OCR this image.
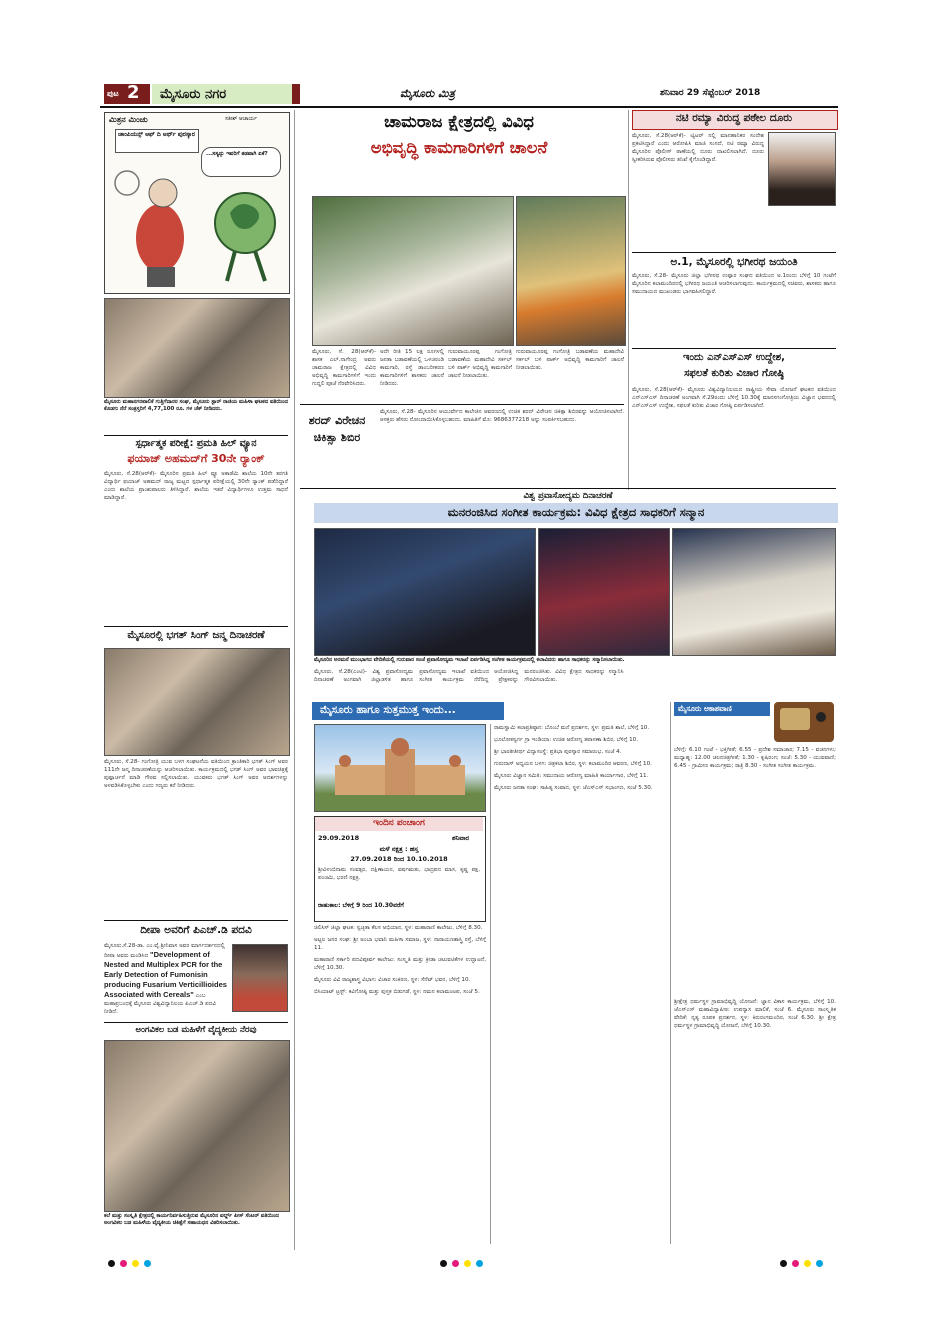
ಪುಟ 2 ಮೈಸೂರು ನಗರ	ಮೈಸೂರು ಮಿತ್ರ	ಶನಿವಾರ 29 ಸೆಪ್ಟೆಂಬರ್ 2018
ಮಿತ್ರನ ಮಿಂಚು	ಸತೀಶ್ ಆಚಾರ್ಯ
ಚಾಂಪಿಯನ್ಸ್ ಆಫ್ ದಿ ಅರ್ಥ್ ಪುರಸ್ಕಾರ
...ಸಸ್ಯನ್ನು ಇವರಿಗೆ ತಡವಾಗಿ ಏಕೆ?
ಮೈಸೂರು ಮಹಾನಗರಪಾಲಿಕೆ ಗುತ್ತಿಗೆದಾರರ ಸಂಘ, ಮೈಸೂರು ಸ್ಟಾರ್ ರಾಜಿಯ ಮಹಿಳಾ ಘಟಕದ ವತಿಯಿಂದ ಕೊಡಗು ನೆರೆ ಸಂತ್ರಸ್ತರಿಗೆ 4,77,100 ರೂ. ಗಳ ಚೆಕ್ ನೀಡಿದರು.
ಸ್ಪರ್ಧಾತ್ಮಕ ಪರೀಕ್ಷೆ: ಪ್ರಮತಿ ಹಿಲ್ ವ್ಯೂನ
ಫಯಾಜ್ ಅಹಮದ್‌ಗೆ 30ನೇ ರ್‍ಯಾಂಕ್
ಮೈಸೂರು, ಸೆ.28(ಆರ್‌ಕೆ)- ಮೈಸೂರಿನ ಪ್ರಮತಿ ಹಿಲ್ ವ್ಯೂ ಅಕಾಡೆಮಿ ಶಾಲೆಯ 10ನೇ ತರಗತಿ ವಿದ್ಯಾರ್ಥಿ ಫಯಾಜ್ ಅಹಮದ್ ರಾಜ್ಯ ಮಟ್ಟದ ಸ್ಪರ್ಧಾತ್ಮಕ ಪರೀಕ್ಷೆಯಲ್ಲಿ 30ನೇ ರ್‍ಯಾಂಕ್ ಪಡೆದಿದ್ದಾರೆ ಎಂದು ಶಾಲೆಯ ಪ್ರಾಂಶುಪಾಲರು ತಿಳಿಸಿದ್ದಾರೆ. ಶಾಲೆಯ ಇತರೆ ವಿದ್ಯಾರ್ಥಿಗಳೂ ಉತ್ತಮ ಸಾಧನೆ ಮಾಡಿದ್ದಾರೆ.
ಮೈಸೂರಲ್ಲಿ ಭಗತ್ ಸಿಂಗ್ ಜನ್ಮ ದಿನಾಚರಣೆ
ಮೈಸೂರು, ಸೆ.28- ಗಂಗೋತ್ರಿ ಯುವ ಬಳಗ ಸಂಘಟನೆಯ ವತಿಯಿಂದ ಕ್ರಾಂತಿಕಾರಿ ಭಗತ್ ಸಿಂಗ್ ಅವರ 111ನೇ ಜನ್ಮ ದಿನಾಚರಣೆಯನ್ನು ಆಚರಿಸಲಾಯಿತು. ಕಾರ್ಯಕ್ರಮದಲ್ಲಿ ಭಗತ್ ಸಿಂಗ್ ಅವರ ಭಾವಚಿತ್ರಕ್ಕೆ ಪುಷ್ಪಾರ್ಚನೆ ಮಾಡಿ ಗೌರವ ಸಲ್ಲಿಸಲಾಯಿತು. ಯುವಕರು ಭಗತ್ ಸಿಂಗ್ ಅವರ ಆದರ್ಶಗಳನ್ನು ಅಳವಡಿಸಿಕೊಳ್ಳಬೇಕು ಎಂದು ಗಣ್ಯರು ಕರೆ ನೀಡಿದರು.
ದೀಪಾ ಅವರಿಗೆ ಪಿಎಚ್.ಡಿ ಪದವಿ
ಮೈಸೂರು,ಸೆ.28-ಡಾ. ಎಂ.ವೈ.ಶ್ರೀನಿವಾಸ ಅವರ ಮಾರ್ಗದರ್ಶನದಲ್ಲಿ ದೀಪಾ ಅವರು ಮಂಡಿಸಿದ "Development of Nested and Multiplex PCR for the Early Detection of Fumonisin producing Fusarium Verticillioides Associated with Cereals" ಎಂಬ ಮಹಾಪ್ರಬಂಧಕ್ಕೆ ಮೈಸೂರು ವಿಶ್ವವಿದ್ಯಾನಿಲಯ ಪಿಎಚ್.ಡಿ ಪದವಿ ನೀಡಿದೆ.
ಅಂಗವಿಕಲ ಬಡ ಮಹಿಳೆಗೆ ವೈದ್ಯಕೀಯ ನೆರವು
ಕಲೆ ಮತ್ತು ಸಂಸ್ಕೃತಿ ಕ್ಷೇತ್ರದಲ್ಲಿ ಕಾರ್ಯನಿರ್ವಹಿಸುತ್ತಿರುವ ಮೈಸೂರಿನ ವರ್ಲ್ಡ್ ಪೀಸ್ ಸೆಂಟರ್ ವತಿಯಿಂದ ಅಂಗವಿಕಲ ಬಡ ಮಹಿಳೆಯ ವೈದ್ಯಕೀಯ ಚಿಕಿತ್ಸೆಗೆ ಸಹಾಯಧನ ವಿತರಿಸಲಾಯಿತು.
ಚಾಮರಾಜ ಕ್ಷೇತ್ರದಲ್ಲಿ ವಿವಿಧ
ಅಭಿವೃದ್ಧಿ ಕಾಮಗಾರಿಗಳಿಗೆ ಚಾಲನೆ
ಮೈಸೂರು, ಸೆ. 28(ಆರ್‌ಕೆ)- ಶಾಸಕ ಎಲ್.ನಾಗೇಂದ್ರ ಅವರು ಚಾಮರಾಜ ಕ್ಷೇತ್ರದಲ್ಲಿ ವಿವಿಧ ಅಭಿವೃದ್ಧಿ ಕಾಮಗಾರಿಗಳಿಗೆ ಇಂದು ಗುದ್ದಲಿ ಪೂಜೆ ನೆರವೇರಿಸಿದರು.
ಅದೇ ರೀತಿ 15 ಲಕ್ಷ ರೂಗಳಲ್ಲಿ ಜನತಾ ಬಡಾವಣೆಯಲ್ಲಿ ಒಳಚರಂಡಿ ಕಾಮಗಾರಿ, ರಸ್ತೆ ಡಾಂಬರೀಕರಣ ಕಾಮಗಾರಿಗಳಿಗೆ ಶಾಸಕರು ಚಾಲನೆ ನೀಡಿದರು.
ಗುರುವಾಯೂರಪ್ಪ ಗಂಗೋತ್ರಿ ಬಡಾವಣೆಯ ಮಹಾದೇವಿ ಸರ್ಕಲ್ ಬಳಿ ಪಾರ್ಕ್ ಅಭಿವೃದ್ಧಿ ಕಾಮಗಾರಿಗೆ ಚಾಲನೆ ನೀಡಲಾಯಿತು.
ಗುರುವಾಯೂರಪ್ಪ ಗಂಗೋತ್ರಿ ಬಡಾವಣೆಯ ಮಹಾದೇವಿ ಸರ್ಕಲ್ ಬಳಿ ಪಾರ್ಕ್ ಅಭಿವೃದ್ಧಿ ಕಾಮಗಾರಿಗೆ ಚಾಲನೆ ನೀಡಲಾಯಿತು.
ಶರದ್ ವಿರೇಚನ ಚಿಕಿತ್ಸಾ ಶಿಬಿರ
ಮೈಸೂರು, ಸೆ.28- ಮೈಸೂರಿನ ಆಯುರ್ವೇದ ಕಾಲೇಜಿನ ಆವರಣದಲ್ಲಿ ಉಚಿತ ಶರದ್ ವಿರೇಚನ ಚಿಕಿತ್ಸಾ ಶಿಬಿರವನ್ನು ಆಯೋಜಿಸಲಾಗಿದೆ. ಆಸಕ್ತರು ಹೆಸರು ನೋಂದಾಯಿಸಿಕೊಳ್ಳಬಹುದು. ಮಾಹಿತಿಗೆ ಮೊ: 9686377218 ಅನ್ನು ಸಂಪರ್ಕಿಸಬಹುದು.
ನಟಿ ರಮ್ಯಾ ವಿರುದ್ಧ ಪಠೇಲ ದೂರು
ಮೈಸೂರು, ಸೆ.28(ಆರ್‌ಕೆ)- ಟ್ವಿಟರ್ ನಲ್ಲಿ ಮಾನಹಾನಿಕರ ಸಂದೇಶ ಪ್ರಕಟಿಸಿದ್ದಾರೆ ಎಂದು ಆರೋಪಿಸಿ ಮಾಜಿ ಸಂಸದೆ, ನಟಿ ರಮ್ಯಾ ವಿರುದ್ಧ ಮೈಸೂರಿನ ಪೊಲೀಸ್ ಠಾಣೆಯಲ್ಲಿ ದೂರು ದಾಖಲಿಸಲಾಗಿದೆ. ದೂರು ಸ್ವೀಕರಿಸಿರುವ ಪೊಲೀಸರು ತನಿಖೆ ಕೈಗೊಂಡಿದ್ದಾರೆ.
ಅ.1, ಮೈಸೂರಲ್ಲಿ ಭಗೀರಥ ಜಯಂತಿ
ಮೈಸೂರು, ಸೆ.28- ಮೈಸೂರು ಜಿಲ್ಲಾ ಭಗೀರಥ ಉಪ್ಪಾರ ಸಂಘದ ವತಿಯಿಂದ ಅ.1ರಂದು ಬೆಳಿಗ್ಗೆ 10 ಗಂಟೆಗೆ ಮೈಸೂರಿನ ಕಲಾಮಂದಿರದಲ್ಲಿ ಭಗೀರಥ ಜಯಂತಿ ಆಚರಿಸಲಾಗುವುದು. ಕಾರ್ಯಕ್ರಮದಲ್ಲಿ ಸಚಿವರು, ಶಾಸಕರು ಹಾಗೂ ಸಮುದಾಯದ ಮುಖಂಡರು ಭಾಗವಹಿಸಲಿದ್ದಾರೆ.
ಇಂದು ಎನ್‌ಎಸ್‌ಎಸ್ ಉದ್ದೇಶ,
ಸಫಲತೆ ಕುರಿತು ವಿಚಾರ ಗೋಷ್ಠಿ
ಮೈಸೂರು, ಸೆ.28(ಆರ್‌ಕೆ)- ಮೈಸೂರು ವಿಶ್ವವಿದ್ಯಾನಿಲಯದ ರಾಷ್ಟ್ರೀಯ ಸೇವಾ ಯೋಜನೆ ಘಟಕದ ವತಿಯಿಂದ ಎನ್‌ಎಸ್‌ಎಸ್ ದಿನಾಚರಣೆ ಅಂಗವಾಗಿ ಸೆ.29ರಂದು ಬೆಳಿಗ್ಗೆ 10.30ಕ್ಕೆ ಮಾನಸಗಂಗೋತ್ರಿಯ ವಿಜ್ಞಾನ ಭವನದಲ್ಲಿ ಎನ್‌ಎಸ್‌ಎಸ್ ಉದ್ದೇಶ, ಸಫಲತೆ ಕುರಿತು ವಿಚಾರ ಗೋಷ್ಠಿ ಏರ್ಪಡಿಸಲಾಗಿದೆ.
ವಿಶ್ವ ಪ್ರವಾಸೋದ್ಯಮ ದಿನಾಚರಣೆ
ಮನರಂಜಿಸಿದ ಸಂಗೀತ ಕಾರ್ಯಕ್ರಮ: ವಿವಿಧ ಕ್ಷೇತ್ರದ ಸಾಧಕರಿಗೆ ಸನ್ಮಾನ
ಮೈಸೂರಿನ ಅರಮನೆ ಮುಂಭಾಗದ ವೇದಿಕೆಯಲ್ಲಿ ಗುರುವಾರ ಸಂಜೆ ಪ್ರವಾಸೋದ್ಯಮ ಇಲಾಖೆ ಏರ್ಪಡಿಸಿದ್ದ ಸಂಗೀತ ಕಾರ್ಯಕ್ರಮದಲ್ಲಿ ಕಲಾವಿದರು ಹಾಗೂ ಸಾಧಕರನ್ನು ಸನ್ಮಾನಿಸಲಾಯಿತು.
ಮೈಸೂರು, ಸೆ.28(ಎಂಟಿ)- ವಿಶ್ವ ಪ್ರವಾಸೋದ್ಯಮ ದಿನಾಚರಣೆ ಅಂಗವಾಗಿ ಜಿಲ್ಲಾಡಳಿತ ಹಾಗೂ ಪ್ರವಾಸೋದ್ಯಮ ಇಲಾಖೆ ವತಿಯಿಂದ ಆಯೋಜಿಸಿದ್ದ ಸಂಗೀತ ಕಾರ್ಯಕ್ರಮ ನೆರೆದಿದ್ದ ಪ್ರೇಕ್ಷಕರನ್ನು ಮನರಂಜಿಸಿತು. ವಿವಿಧ ಕ್ಷೇತ್ರದ ಸಾಧಕರನ್ನು ಸನ್ಮಾನಿಸಿ ಗೌರವಿಸಲಾಯಿತು.
ಮೈಸೂರು ಹಾಗೂ ಸುತ್ತಮುತ್ತ ಇಂದು...
ಇಂದಿನ ಪಂಚಾಂಗ
29.09.2018	ಶನಿವಾರ
ಮಳೆ ನಕ್ಷತ್ರ : ಹಸ್ತ
27.09.2018 ರಿಂದ 10.10.2018
ಶ್ರೀವಿಳಂಬಿನಾಮ ಸಂವತ್ಸರ, ದಕ್ಷಿಣಾಯನ, ವರ್ಷಋತು, ಭಾದ್ರಪದ ಮಾಸ, ಕೃಷ್ಣ ಪಕ್ಷ, ಪಂಚಮಿ, ಭರಣಿ ನಕ್ಷತ್ರ.
ರಾಹುಕಾಲ: ಬೆಳಿಗ್ಗೆ 9 ರಿಂದ 10.30ವರೆಗೆ

ಚಿಲಿಸಿಸ್ ಜಿಲ್ಲಾ ಘಟಕ: ಸ್ವಚ್ಛತಾ ಕೆಲಸ ಅಭಿಯಾನ, ಸ್ಥಳ: ಮಹಾರಾಣಿ ಕಾಲೇಜು, ಬೆಳಿಗ್ಗೆ 8.30.

ಅಟ್ಟಲ ಜನರ ಸಂಘ: ಶ್ರೀ ಅಂಬಾ ಭವಾನಿ ಮಹಿಳಾ ಸಮಾಜ, ಸ್ಥಳ: ನಾರಾಯಣಶಾಸ್ತ್ರಿ ರಸ್ತೆ, ಬೆಳಿಗ್ಗೆ 11.

ಮಹಾರಾಣಿ ಸರ್ಕಾರಿ ಪದವಿಪೂರ್ವ ಕಾಲೇಜು: ಸಂಸ್ಕೃತಿ ಮತ್ತು ಕ್ರೀಡಾ ಚಟುವಟಿಕೆಗಳ ಉದ್ಘಾಟನೆ, ಬೆಳಿಗ್ಗೆ 10.30.

ಮೈಸೂರು ವಿವಿ ರಾಜ್ಯಶಾಸ್ತ್ರ ವಿಭಾಗ: ವಿಚಾರ ಸಂಕಿರಣ, ಸ್ಥಳ: ಸೆನೆಟ್ ಭವನ, ಬೆಳಿಗ್ಗೆ 10.

ಬಿಸಿಯಾಟ್ ಟ್ರಸ್ಟ್: ಕವಿಗೋಷ್ಠಿ ಮತ್ತು ಪುಸ್ತಕ ಬಿಡುಗಡೆ, ಸ್ಥಳ: ನಮನ ಕಲಾಮಂಟಪ, ಸಂಜೆ 5.

ರಾಮಸ್ವಾಮಿ ಕಲಾಪ್ರತಿಷ್ಠಾನ: ಬೊಂಬೆ ಮನೆ ಪ್ರದರ್ಶನ, ಸ್ಥಳ: ಪ್ರಮತಿ ಶಾಲೆ, ಬೆಳಿಗ್ಗೆ 10.

ಭೂಲೋಕಸ್ವರ್ಗ ಗ್ರಾ ಇಂಡಿಯಾ: ಉಚಿತ ಆರೋಗ್ಯ ತಪಾಸಣಾ ಶಿಬಿರ, ಬೆಳಿಗ್ಗೆ 10.

ಶ್ರೀ ಭಾರತೀತೀರ್ಥ ವಿದ್ಯಾಸಂಸ್ಥೆ: ಪ್ರತಿಭಾ ಪುರಸ್ಕಾರ ಸಮಾರಂಭ, ಸಂಜೆ 4.

ಗುರುದಾಸ್ ಅಧ್ಯಯನ ಬಳಗ: ಚಿತ್ರಕಲಾ ಶಿಬಿರ, ಸ್ಥಳ: ಕಲಾಮಂದಿರ ಆವರಣ, ಬೆಳಿಗ್ಗೆ 10.

ಮೈಸೂರು ವಿಜ್ಞಾನ ಸಮಿತಿ: ಸಮುದಾಯ ಆರೋಗ್ಯ ಮಾಹಿತಿ ಕಾರ್ಯಾಗಾರ, ಬೆಳಿಗ್ಗೆ 11.

ಮೈಸೂರು ಜನತಾ ಸಂಘ: ಸಾಹಿತ್ಯ ಸಂವಾದ, ಸ್ಥಳ: ಜೆಎಸ್‌ಎಸ್ ಸಭಾಂಗಣ, ಸಂಜೆ 5.30.

ಮೈಸೂರು ಆಕಾಶವಾಣಿ
ಬೆಳಿಗ್ಗೆ: 6.10 ಗಂಟೆ - ಭಕ್ತಿಗೀತೆ; 6.55 - ಪ್ರದೇಶ ಸಮಾಚಾರ; 7.15 - ವಚನಗಳು; ಮಧ್ಯಾಹ್ನ: 12.00 ಚಲನಚಿತ್ರಗೀತೆ; 1.30 - ಕೃಷಿರಂಗ; ಸಂಜೆ: 5.30 - ಯುವವಾಣಿ; 6.45 - ಗ್ರಾಮೀಣ ಕಾರ್ಯಕ್ರಮ; ರಾತ್ರಿ 8.30 - ಸಂಗೀತ ಸಂಗೀತ ಕಾರ್ಯಕ್ರಮ.
ಶ್ರೀಕ್ಷೇತ್ರ ಧರ್ಮಸ್ಥಳ ಗ್ರಾಮಾಭಿವೃದ್ಧಿ ಯೋಜನೆ: ಜ್ಞಾನ ವಿಕಾಸ ಕಾರ್ಯಕ್ರಮ, ಬೆಳಿಗ್ಗೆ 10. ಜೆಎಸ್‌ಎಸ್ ಮಹಾವಿದ್ಯಾಪೀಠ: ಉಪನ್ಯಾಸ ಮಾಲಿಕೆ, ಸಂಜೆ 6. ಮೈಸೂರು ಸಾಂಸ್ಕೃತಿಕ ವೇದಿಕೆ: ನೃತ್ಯ ರೂಪಕ ಪ್ರದರ್ಶನ, ಸ್ಥಳ: ಕಿರುರಂಗಮಂದಿರ, ಸಂಜೆ 6.30. ಶ್ರೀ ಕ್ಷೇತ್ರ ಧರ್ಮಸ್ಥಳ ಗ್ರಾಮಾಭಿವೃದ್ಧಿ ಯೋಜನೆ, ಬೆಳಿಗ್ಗೆ 10.30.
